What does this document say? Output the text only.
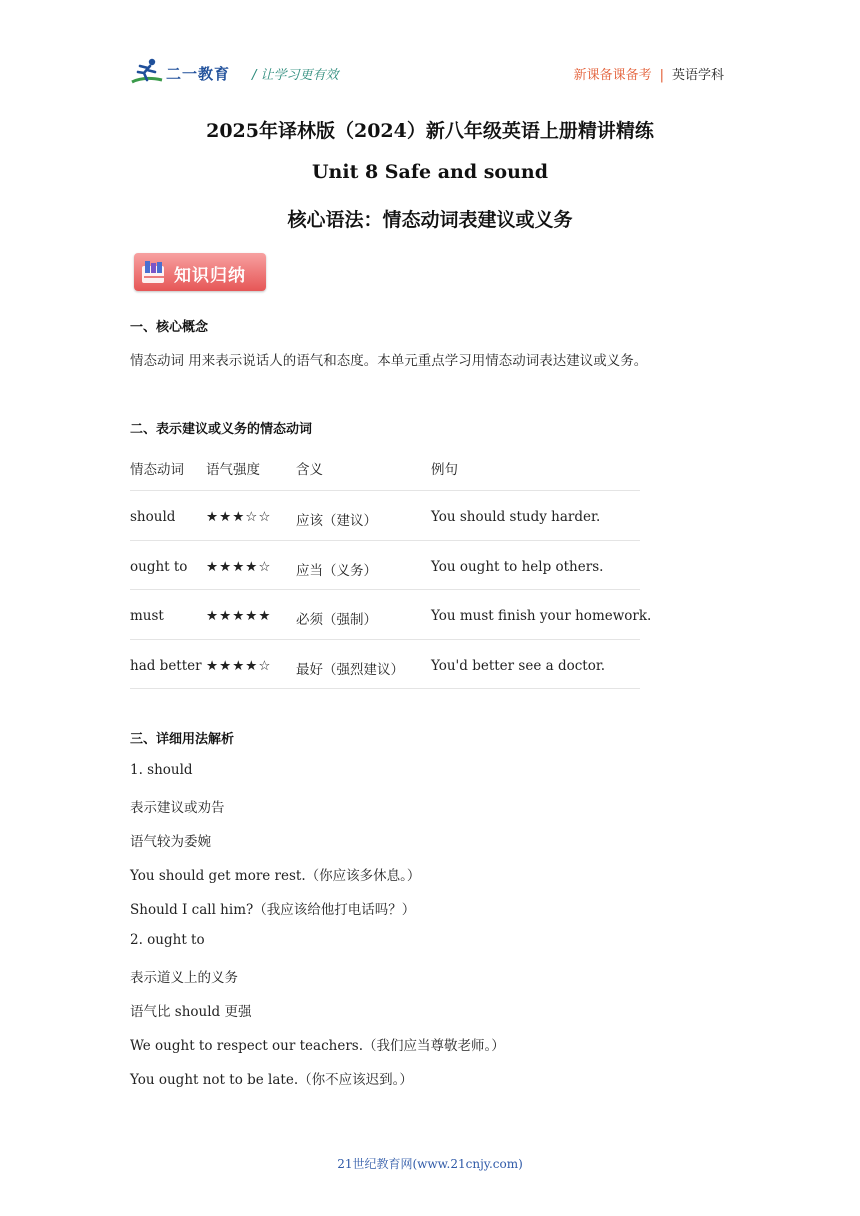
二一教育 / 让学习更有效	新课备课备考 | 英语学科
2025年译林版（2024）新八年级英语上册精讲精练
Unit 8 Safe and sound
核心语法：情态动词表建议或义务
知识归纳
一、核心概念
情态动词 用来表示说话人的语气和态度。本单元重点学习用情态动词表达建议或义务。
二、表示建议或义务的情态动词
情态动词 语气强度	含义	例句
should ★★★☆☆ 应该（建议）	You should study harder.
ought to ★★★★☆ 应当（义务）	You ought to help others.
must	★★★★★ 必须（强制）	You must finish your homework.
had better ★★★★☆ 最好（强烈建议） You'd better see a doctor.
三、详细用法解析
1. should
表示建议或劝告
语气较为委婉
You should get more rest.（你应该多休息。）
Should I call him?（我应该给他打电话吗？）
2. ought to
表示道义上的义务
语气比 should 更强
We ought to respect our teachers.（我们应当尊敬老师。）
You ought not to be late.（你不应该迟到。）
21世纪教育网(www.21cnjy.com)
